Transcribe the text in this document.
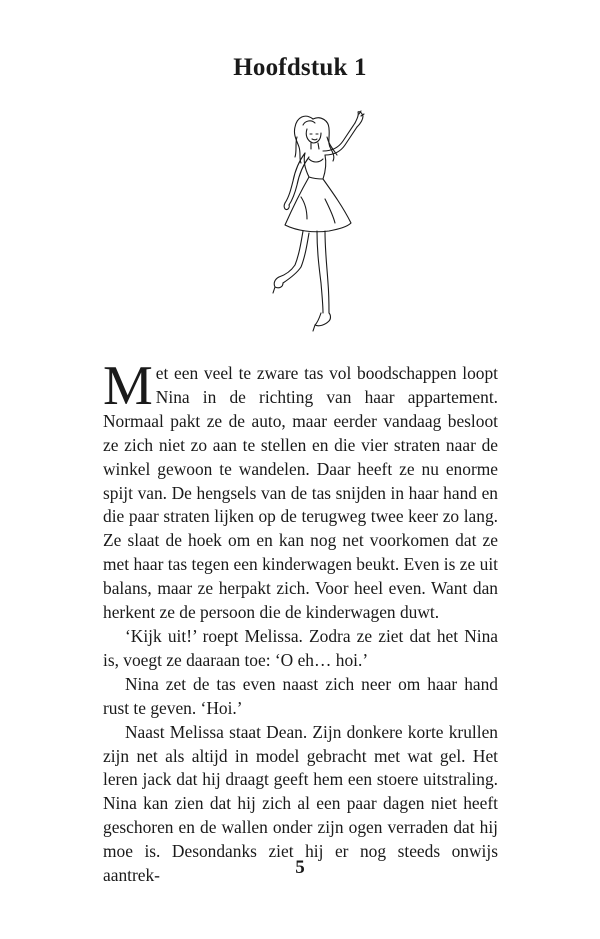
Hoofdstuk 1

Met een veel te zware tas vol boodschappen loopt Nina in de richting van haar appartement. Normaal pakt ze de auto, maar eerder vandaag besloot ze zich niet zo aan te stellen en die vier straten naar de winkel gewoon te wandelen. Daar heeft ze nu enorme spijt van. De hengsels van de tas snijden in haar hand en die paar straten lijken op de terugweg twee keer zo lang. Ze slaat de hoek om en kan nog net voorkomen dat ze met haar tas tegen een kinderwagen beukt. Even is ze uit balans, maar ze herpakt zich. Voor heel even. Want dan herkent ze de persoon die de kinderwagen duwt.

‘Kijk uit!’ roept Melissa. Zodra ze ziet dat het Nina is, voegt ze daaraan toe: ‘O eh… hoi.’

Nina zet de tas even naast zich neer om haar hand rust te geven. ‘Hoi.’

Naast Melissa staat Dean. Zijn donkere korte krullen zijn net als altijd in model gebracht met wat gel. Het leren jack dat hij draagt geeft hem een stoere uitstraling. Nina kan zien dat hij zich al een paar dagen niet heeft geschoren en de wallen onder zijn ogen verraden dat hij moe is. Desondanks ziet hij er nog steeds onwijs aantrek-	5
